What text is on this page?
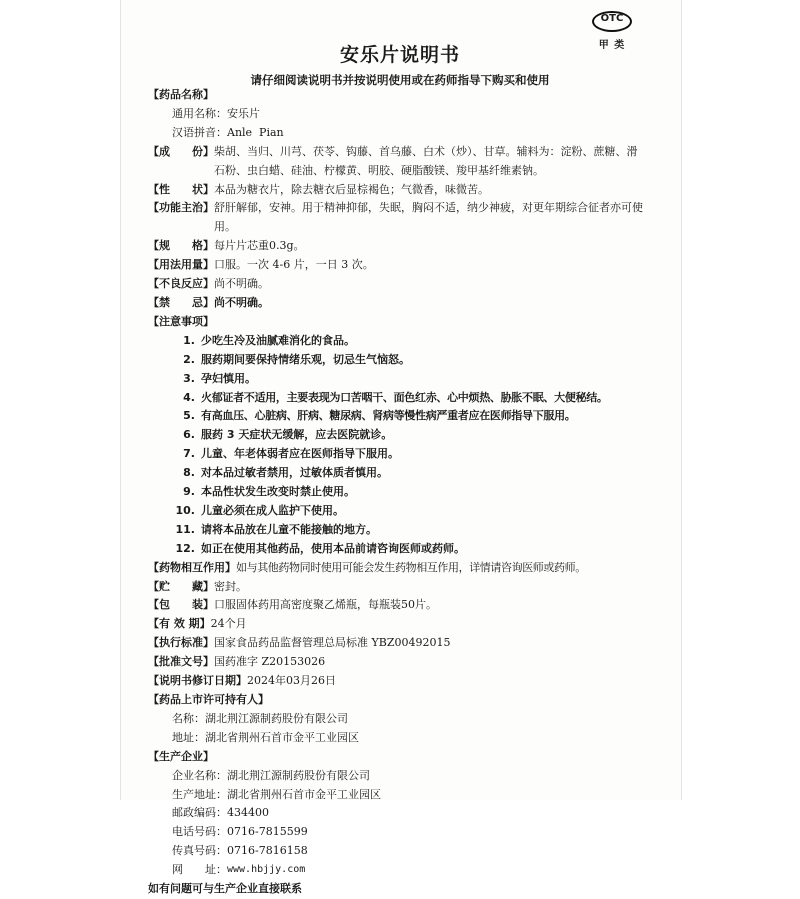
OTC
甲 类
安乐片说明书
请仔细阅读说明书并按说明使用或在药师指导下购买和使用
【药品名称】
通用名称： 安乐片
汉语拼音： Anle  Pian
【成　　份】 柴胡、当归、川芎、茯苓、钩藤、首乌藤、白术（炒）、甘草。辅料为：淀粉、蔗糖、滑石粉、虫白蜡、硅油、柠檬黄、明胶、硬脂酸镁、羧甲基纤维素钠。
【性　　状】 本品为糖衣片，除去糖衣后显棕褐色；气微香，味微苦。
【功能主治】 舒肝解郁，安神。用于精神抑郁，失眠，胸闷不适，纳少神疲，对更年期综合征者亦可使用。
【规　　格】 每片片芯重0.3g。
【用法用量】 口服。一次 4-6 片，一日 3 次。
【不良反应】 尚不明确。
【禁　　忌】 尚不明确。
【注意事项】
1. 少吃生冷及油腻难消化的食品。
2. 服药期间要保持情绪乐观，切忌生气恼怒。
3. 孕妇慎用。
4. 火郁证者不适用，主要表现为口苦咽干、面色红赤、心中烦热、胁胀不眠、大便秘结。
5. 有高血压、心脏病、肝病、糖尿病、肾病等慢性病严重者应在医师指导下服用。
6. 服药 3 天症状无缓解，应去医院就诊。
7. 儿童、年老体弱者应在医师指导下服用。
8. 对本品过敏者禁用，过敏体质者慎用。
9. 本品性状发生改变时禁止使用。
10. 儿童必须在成人监护下使用。
11. 请将本品放在儿童不能接触的地方。
12. 如正在使用其他药品，使用本品前请咨询医师或药师。
【药物相互作用】 如与其他药物同时使用可能会发生药物相互作用，详情请咨询医师或药师。
【贮　　藏】 密封。
【包　　装】 口服固体药用高密度聚乙烯瓶，每瓶装50片。
【有 效 期】 24个月
【执行标准】 国家食品药品监督管理总局标准 YBZ00492015
【批准文号】 国药准字 Z20153026
【说明书修订日期】 2024年03月26日
【药品上市许可持有人】
名称： 湖北荆江源制药股份有限公司
地址： 湖北省荆州石首市金平工业园区
【生产企业】
企业名称： 湖北荆江源制药股份有限公司
生产地址： 湖北省荆州石首市金平工业园区
邮政编码： 434400
电话号码： 0716-7815599
传真号码： 0716-7816158
网　　址： www.hbjjy.com
如有问题可与生产企业直接联系
